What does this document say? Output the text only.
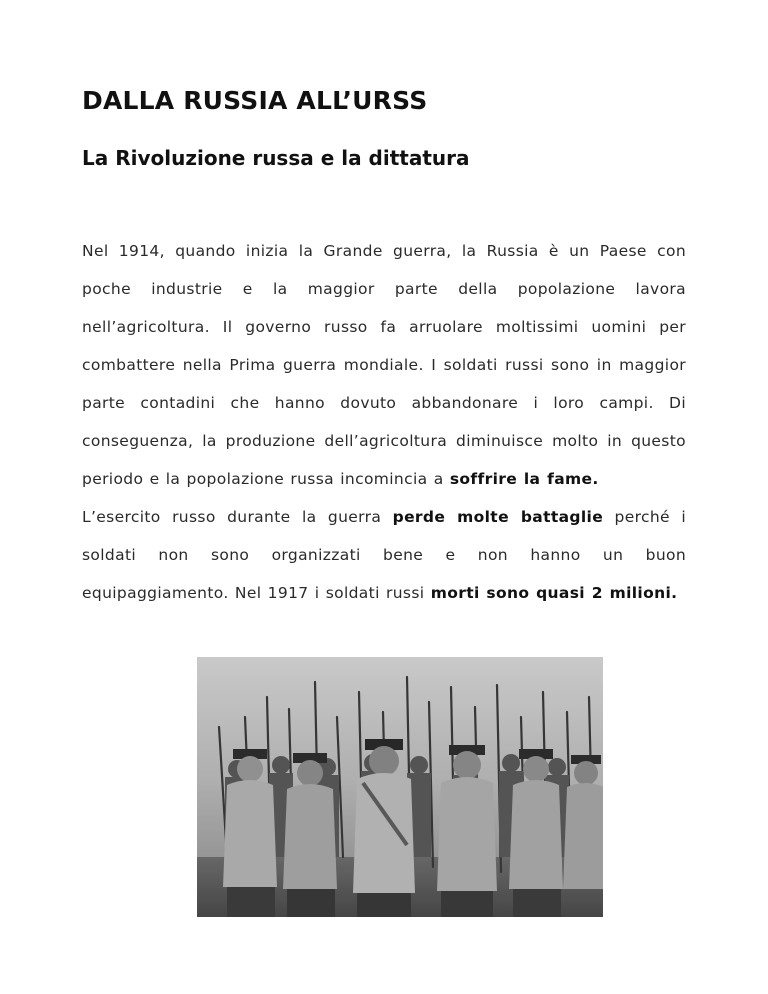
DALLA RUSSIA ALL’URSS
La Rivoluzione russa e la dittatura

Nel 1914, quando inizia la Grande guerra, la Russia è un Paese con poche industrie e la maggior parte della popolazione lavora nell’agricoltura. Il governo russo fa arruolare moltissimi uomini per combattere nella Prima guerra mondiale. I soldati russi sono in maggior parte contadini che hanno dovuto abbandonare i loro campi. Di conseguenza, la produzione dell’agricoltura diminuisce molto in questo periodo e la popolazione russa incomincia a soffrire la fame.

L’esercito russo durante la guerra perde molte battaglie perché i soldati non sono organizzati bene e non hanno un buon equipaggiamento. Nel 1917 i soldati russi morti sono quasi 2 milioni.
